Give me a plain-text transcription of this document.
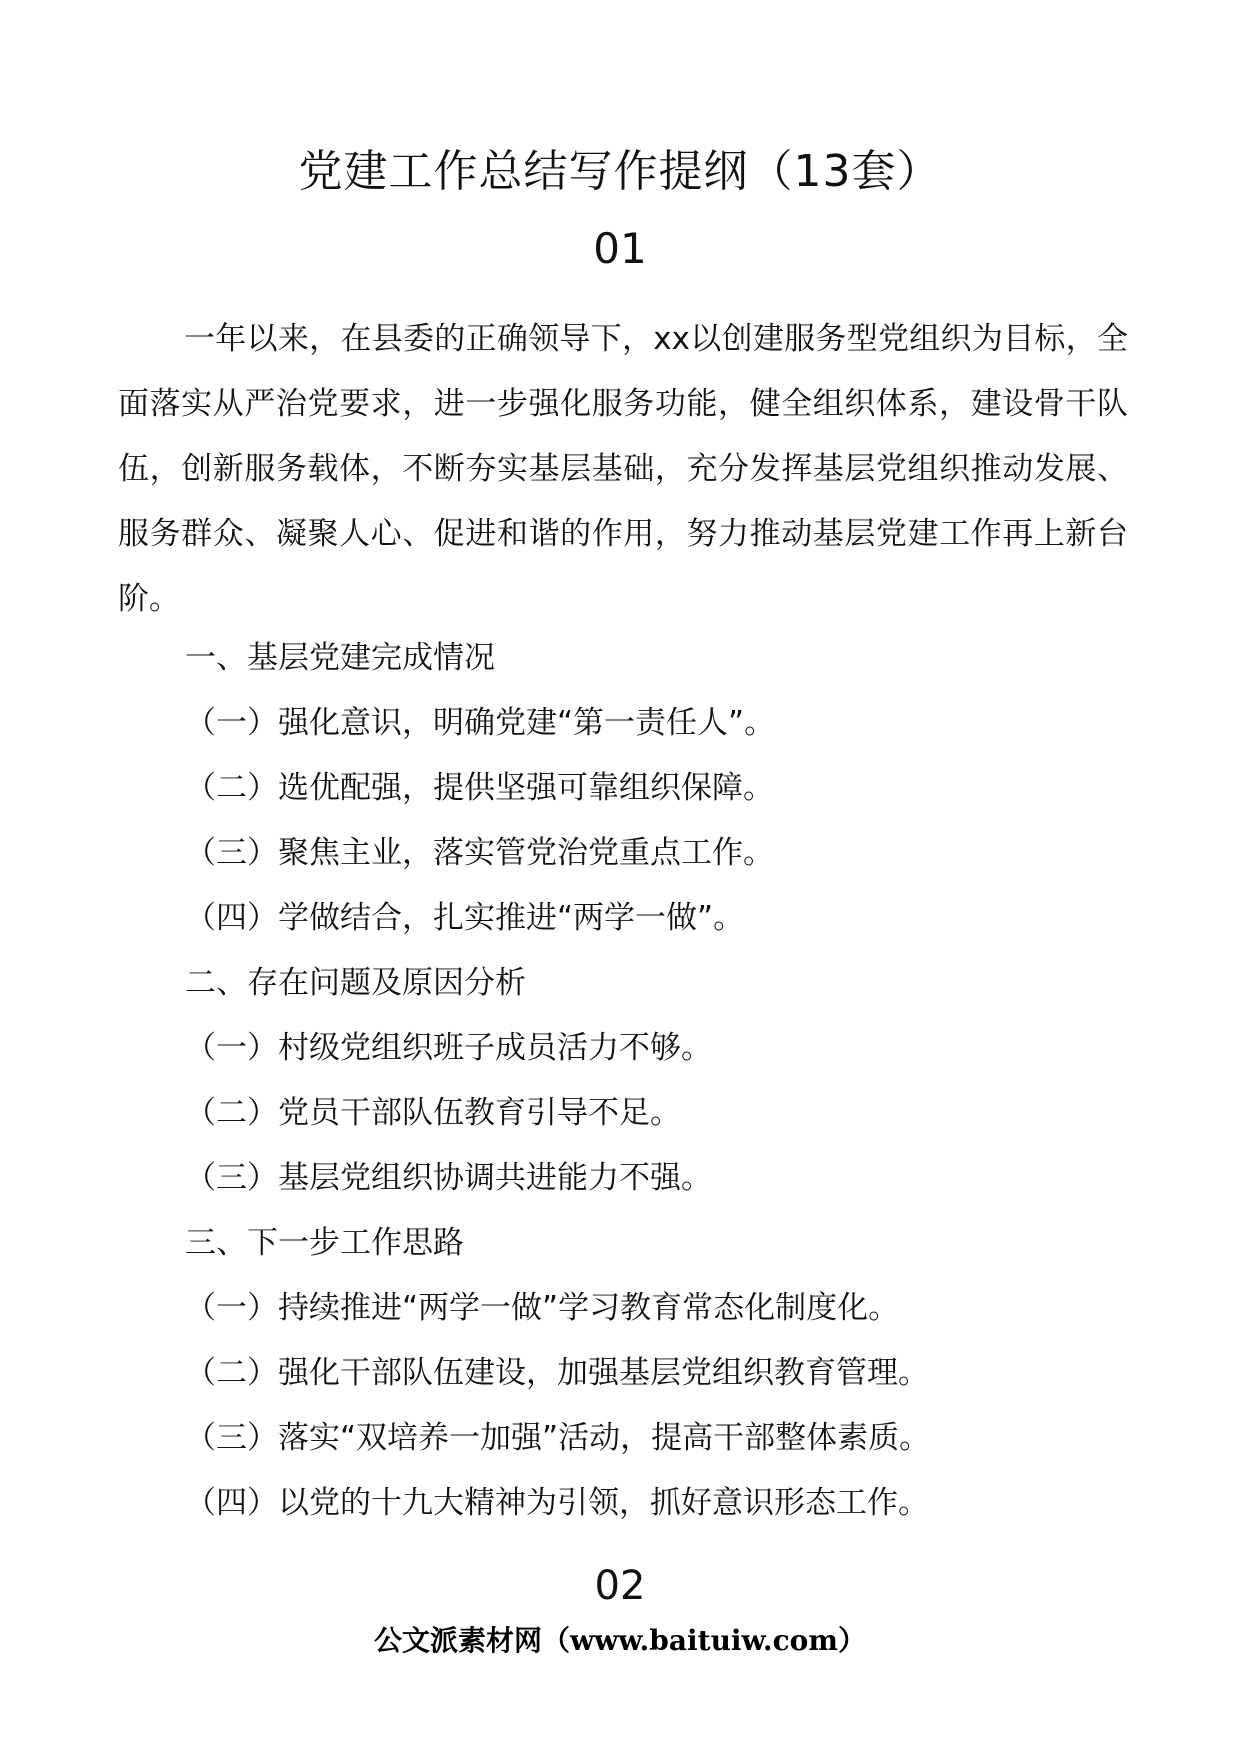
党建工作总结写作提纲（13套）
01

一年以来，在县委的正确领导下，xx以创建服务型党组织为目标，全面落实从严治党要求，进一步强化服务功能，健全组织体系，建设骨干队伍，创新服务载体，不断夯实基层基础，充分发挥基层党组织推动发展、服务群众、凝聚人心、促进和谐的作用，努力推动基层党建工作再上新台阶。

一、基层党建完成情况
（一）强化意识，明确党建“第一责任人”。
（二）选优配强，提供坚强可靠组织保障。
（三）聚焦主业，落实管党治党重点工作。
（四）学做结合，扎实推进“两学一做”。
二、存在问题及原因分析
（一）村级党组织班子成员活力不够。
（二）党员干部队伍教育引导不足。
（三）基层党组织协调共进能力不强。
三、下一步工作思路
（一）持续推进“两学一做”学习教育常态化制度化。
（二）强化干部队伍建设，加强基层党组织教育管理。
（三）落实“双培养一加强”活动，提高干部整体素质。
（四）以党的十九大精神为引领，抓好意识形态工作。
02
公文派素材网（www.baituiw.com）
